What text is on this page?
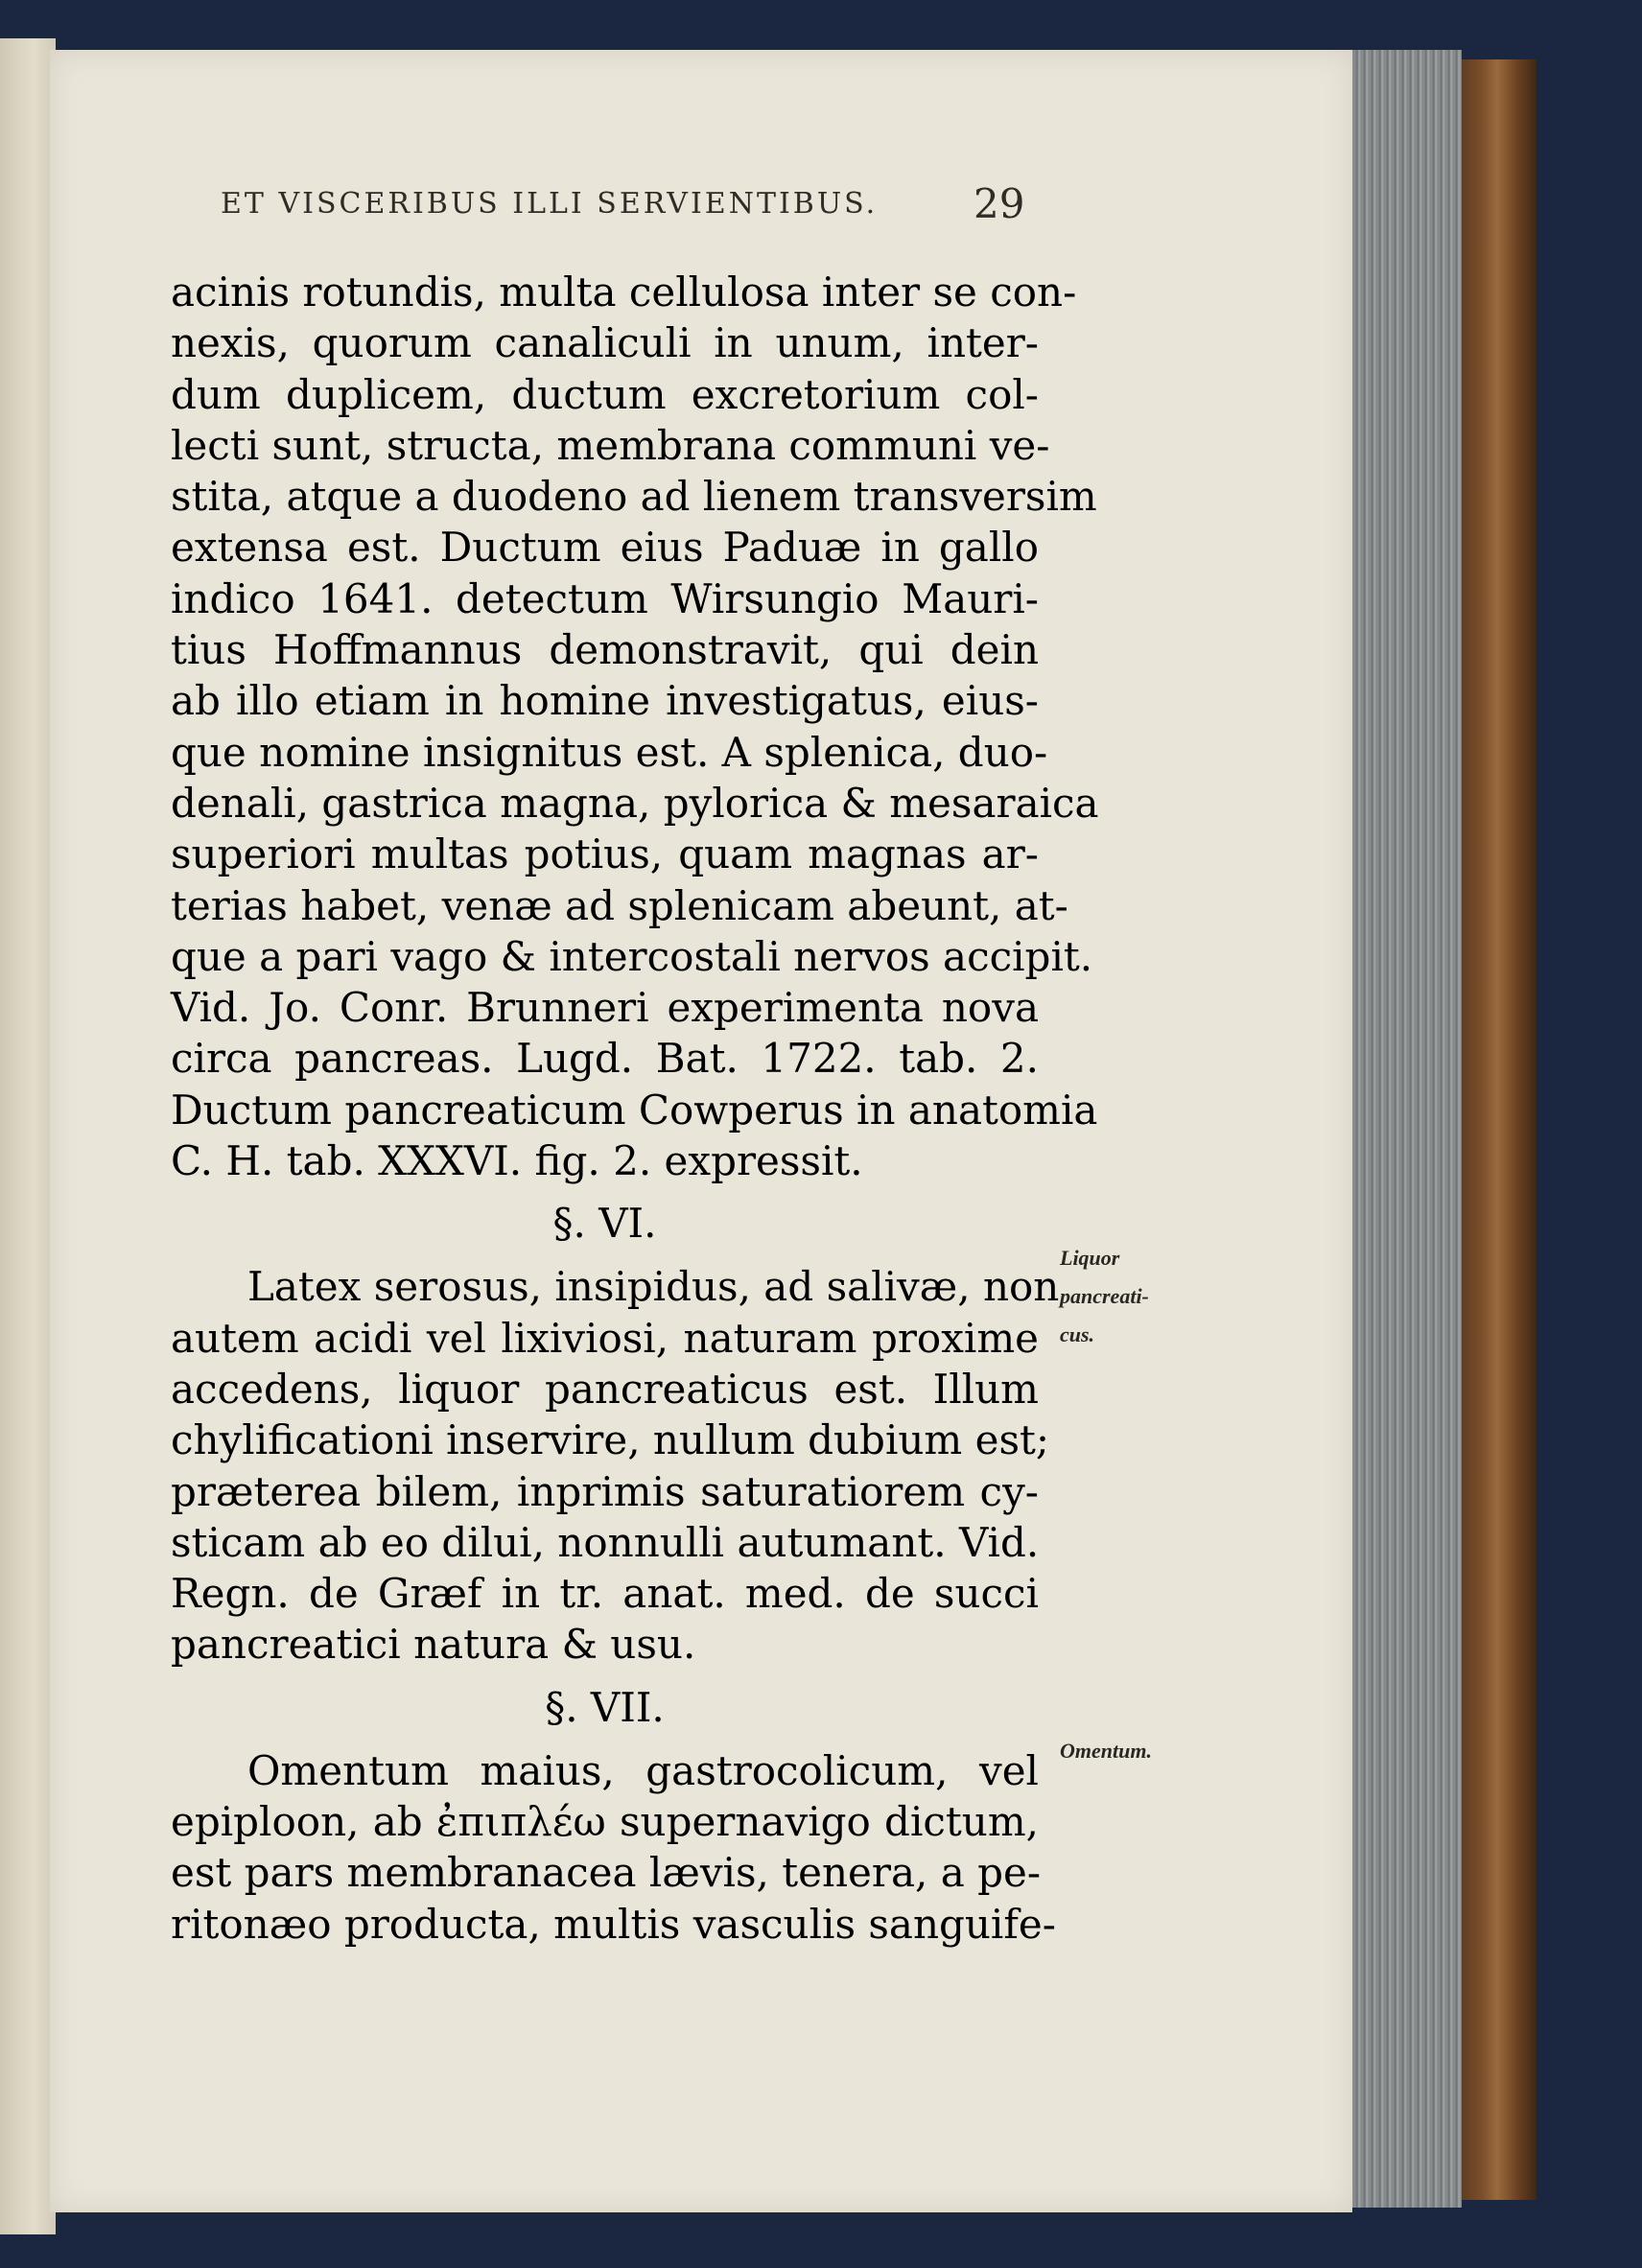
ET VISCERIBUS ILLI SERVIENTIBUS.	29
acinis rotundis, multa cellulosa inter se con-
nexis, quorum canaliculi in unum, inter-
dum duplicem, ductum excretorium col-
lecti sunt, structa, membrana communi ve-
stita, atque a duodeno ad lienem transversim
extensa est. Ductum eius Paduæ in gallo
indico 1641. detectum Wirsungio Mauri-
tius Hoffmannus demonstravit, qui dein
ab illo etiam in homine investigatus, eius-
que nomine insignitus est. A splenica, duo-
denali, gastrica magna, pylorica & mesaraica
superiori multas potius, quam magnas ar-
terias habet, venæ ad splenicam abeunt, at-
que a pari vago & intercostali nervos accipit.
Vid. Jo. Conr. Brunneri experimenta nova
circa pancreas. Lugd. Bat. 1722. tab. 2.
Ductum pancreaticum Cowperus in anatomia
C. H. tab. XXXVI. fig. 2. expressit.
§. VI.
Latex serosus, insipidus, ad salivæ, non
autem acidi vel lixiviosi, naturam proxime
accedens, liquor pancreaticus est. Illum
chylificationi inservire, nullum dubium est;
præterea bilem, inprimis saturatiorem cy-
sticam ab eo dilui, nonnulli autumant. Vid.
Regn. de Græf in tr. anat. med. de succi
pancreatici natura & usu.
§. VII.
Omentum maius, gastrocolicum, vel
epiploon, ab ἐπιπλέω supernavigo dictum,
est pars membranacea lævis, tenera, a pe-
ritonæo producta, multis vasculis sanguife-
Liquor
pancreati-
cus.
Omentum.
